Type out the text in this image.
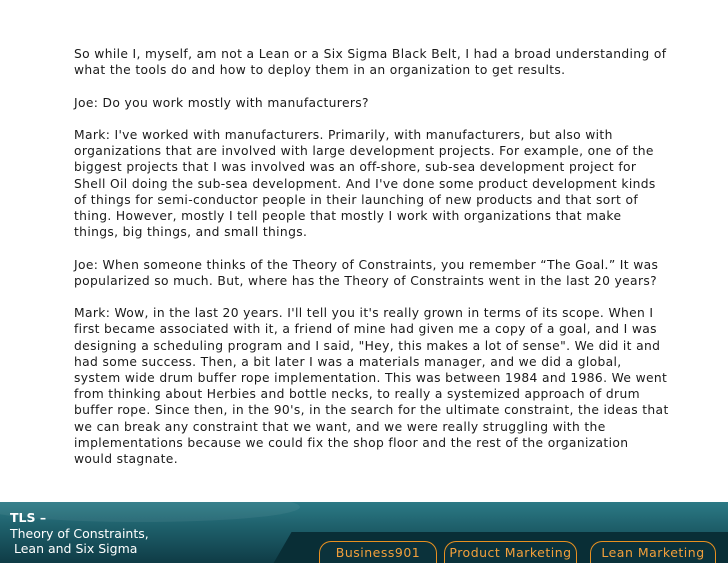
So while I, myself, am not a Lean or a Six Sigma Black Belt, I had a broad understanding of what the tools do and how to deploy them in an organization to get results.

Joe: Do you work mostly with manufacturers?

Mark: I've worked with manufacturers. Primarily, with manufacturers, but also with organizations that are involved with large development projects. For example, one of the biggest projects that I was involved was an off-shore, sub-sea development project for Shell Oil doing the sub-sea development. And I've done some product development kinds of things for semi-conductor people in their launching of new products and that sort of thing. However, mostly I tell people that mostly I work with organizations that make things, big things, and small things.

Joe: When someone thinks of the Theory of Constraints, you remember “The Goal.” It was popularized so much. But, where has the Theory of Constraints went in the last 20 years?

Mark: Wow, in the last 20 years. I'll tell you it's really grown in terms of its scope. When I first became associated with it, a friend of mine had given me a copy of a goal, and I was designing a scheduling program and I said, "Hey, this makes a lot of sense". We did it and had some success. Then, a bit later I was a materials manager, and we did a global, system wide drum buffer rope implementation. This was between 1984 and 1986. We went from thinking about Herbies and bottle necks, to really a systemized approach of drum buffer rope. Since then, in the 90's, in the search for the ultimate constraint, the ideas that we can break any constraint that we want, and we were really struggling with the implementations because we could fix the shop floor and the rest of the organization would stagnate.

TLS –
Theory of Constraints,
Lean and Six Sigma	Business901	Product Marketing	Lean Marketing
